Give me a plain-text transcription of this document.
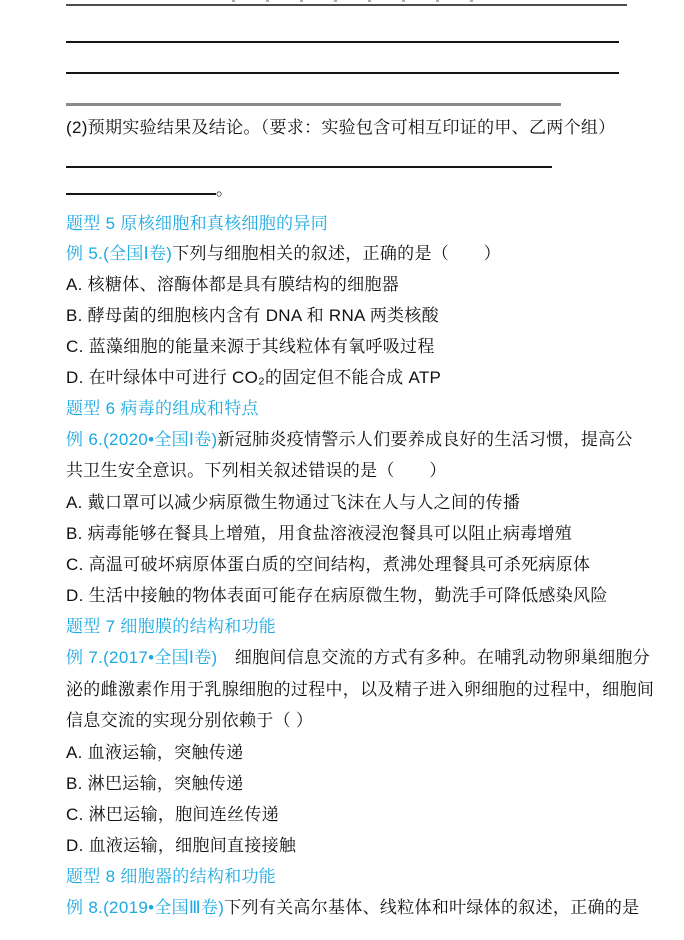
(2)预期实验结果及结论。（要求：实验包含可相互印证的甲、乙两个组）
。
题型 5 原核细胞和真核细胞的异同
例 5.(全国Ⅰ卷)下列与细胞相关的叙述，正确的是（　　）
A. 核糖体、溶酶体都是具有膜结构的细胞器
B. 酵母菌的细胞核内含有 DNA 和 RNA 两类核酸
C. 蓝藻细胞的能量来源于其线粒体有氧呼吸过程
D. 在叶绿体中可进行 CO₂的固定但不能合成 ATP
题型 6 病毒的组成和特点
例 6.(2020•全国Ⅰ卷)新冠肺炎疫情警示人们要养成良好的生活习惯，提高公
共卫生安全意识。下列相关叙述错误的是（　　）
A. 戴口罩可以减少病原微生物通过飞沫在人与人之间的传播
B. 病毒能够在餐具上增殖，用食盐溶液浸泡餐具可以阻止病毒增殖
C. 高温可破坏病原体蛋白质的空间结构，煮沸处理餐具可杀死病原体
D. 生活中接触的物体表面可能存在病原微生物，勤洗手可降低感染风险
题型 7 细胞膜的结构和功能
例 7.(2017•全国Ⅰ卷)　细胞间信息交流的方式有多种。在哺乳动物卵巢细胞分
泌的雌激素作用于乳腺细胞的过程中，以及精子进入卵细胞的过程中，细胞间
信息交流的实现分别依赖于（ ）
A. 血液运输，突触传递
B. 淋巴运输，突触传递
C. 淋巴运输，胞间连丝传递
D. 血液运输，细胞间直接接触
题型 8 细胞器的结构和功能
例 8.(2019•全国Ⅲ卷)下列有关高尔基体、线粒体和叶绿体的叙述，正确的是
